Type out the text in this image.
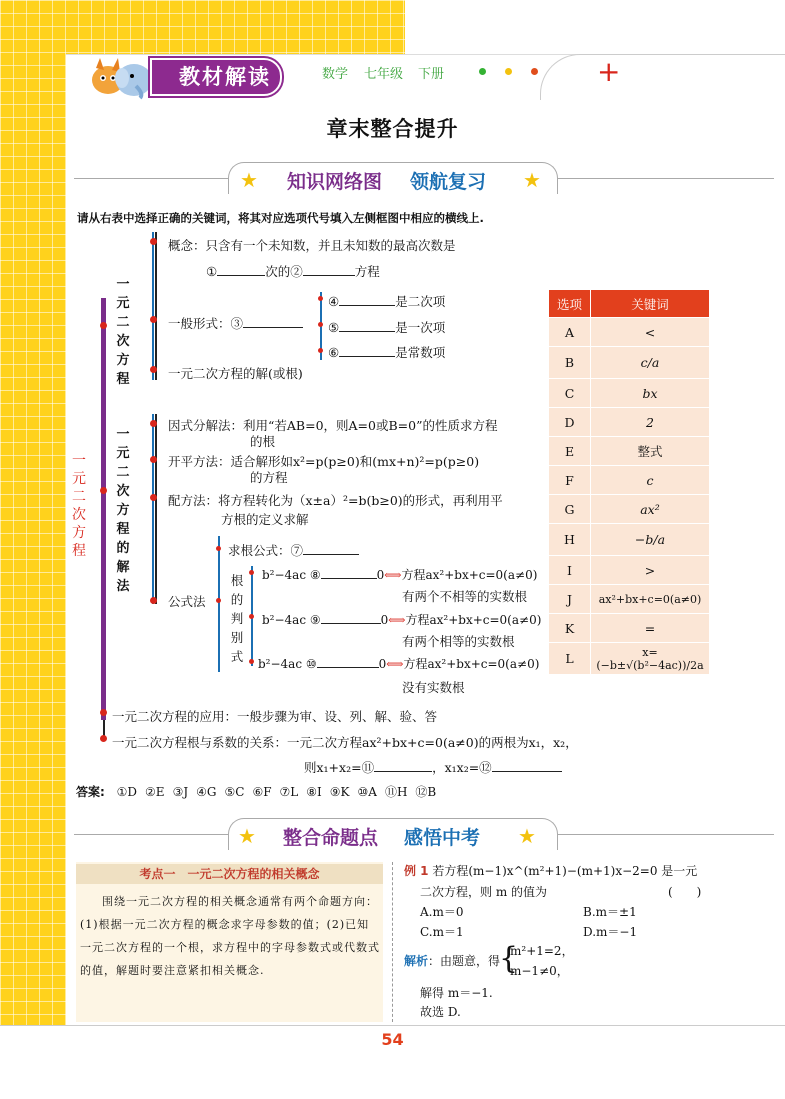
教材解读	数学 七年级 下册	+
章末整合提升
★	★
知识网络图 领航复习
请从右表中选择正确的关键词，将其对应选项代号填入左侧框图中相应的横线上.
一元二次方程
一元二次方程
概念：只含有一个未知数，并且未知数的最高次数是
①	次的②	方程
一般形式：③
④	是二次项
⑤	是一次项
⑥	是常数项
一元二次方程的解(或根)
一元二次方程的解法
因式分解法：利用“若AB=0，则A=0或B=0”的性质求方程
的根
开平方法：适合解形如x²=p(p≥0)和(mx+n)²=p(p≥0)
的方程
配方法：将方程转化为（x±a）²=b(b≥0)的形式，再利用平
方根的定义求解
公式法
求根公式：⑦
根的判别式
b²−4ac ⑧	0⟺方程ax²+bx+c=0(a≠0)
有两个不相等的实数根
b²−4ac ⑨	0⟺方程ax²+bx+c=0(a≠0)
有两个相等的实数根
b²−4ac ⑩	0⟺方程ax²+bx+c=0(a≠0)
没有实数根
一元二次方程的应用：一般步骤为审、设、列、解、验、答
一元二次方程根与系数的关系：一元二次方程ax²+bx+c=0(a≠0)的两根为x₁，x₂，
则x₁+x₂=⑪	，x₁x₂=⑫
选项	关键词
A	<
B	c/a
C	bx
D	2
E	整式
F	c
G	ax²
H	−b/a
I	>
J	ax²+bx+c=0(a≠0)
K	=
L	x=(−b±√(b²−4ac))/2a
答案: ①D ②E ③J ④G ⑤C ⑥F ⑦L ⑧I ⑨K ⑩A ⑪H ⑫B
★	★
整合命题点 感悟中考
考点一　一元二次方程的相关概念
围绕一元二次方程的相关概念通常有两个命题方向：(1)根据一元二次方程的概念求字母参数的值；(2)已知一元二次方程的一个根，求方程中的字母参数式或代数式的值，解题时要注意紧扣相关概念.
例 1 若方程(m−1)x^(m²+1)−(m+1)x−2=0 是一元
二次方程，则 m 的值为	(　　)
A.m＝0	B.m＝±1
C.m＝1	D.m＝−1
解析：由题意，得
{
m²+1=2，
m−1≠0，
解得 m＝−1.
故选 D.
54
